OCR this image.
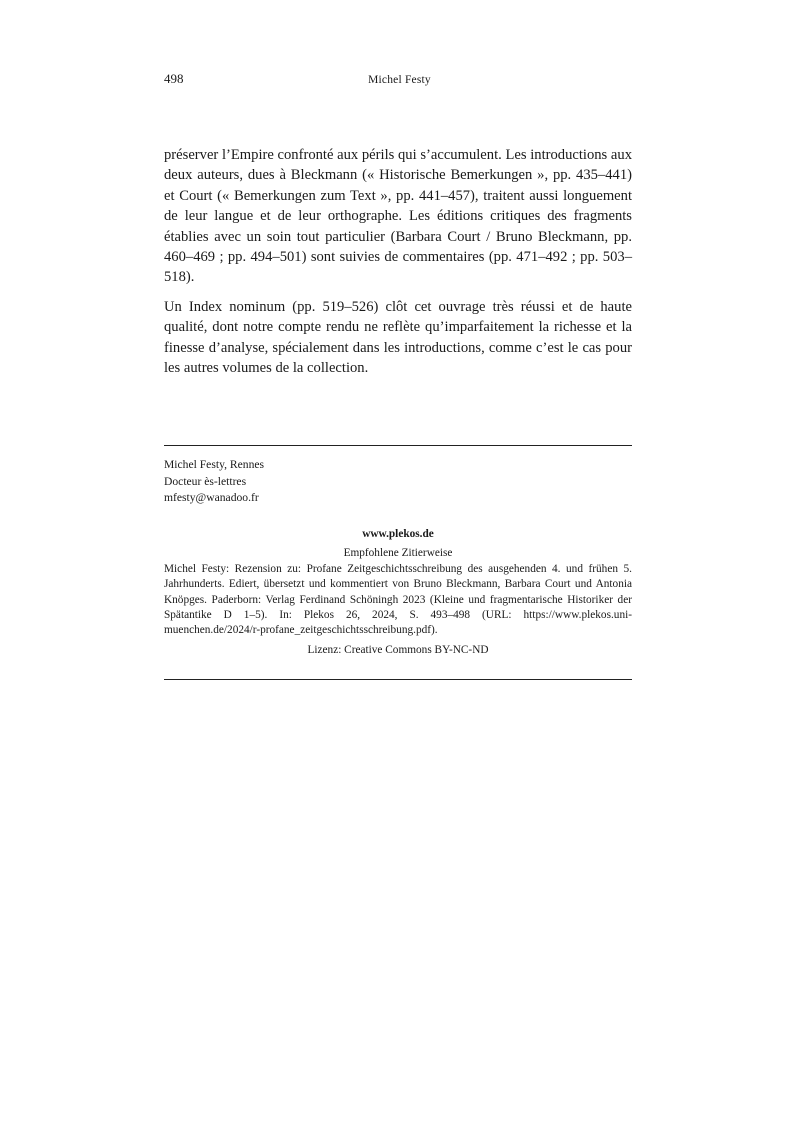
498	Michel Festy

préserver l’Empire confronté aux périls qui s’accumulent. Les introductions aux deux auteurs, dues à Bleckmann (« Historische Bemerkungen », pp. 435–441) et Court (« Bemerkungen zum Text », pp. 441–457), traitent aussi longuement de leur langue et de leur orthographe. Les éditions critiques des fragments établies avec un soin tout particulier (Barbara Court / Bruno Bleckmann, pp. 460–469 ; pp. 494–501) sont suivies de commentaires (pp. 471–492 ; pp. 503–518).

Un Index nominum (pp. 519–526) clôt cet ouvrage très réussi et de haute qualité, dont notre compte rendu ne reflète qu’imparfaitement la richesse et la finesse d’analyse, spécialement dans les introductions, comme c’est le cas pour les autres volumes de la collection.

Michel Festy, Rennes
Docteur ès-lettres
mfesty@wanadoo.fr
www.plekos.de
Empfohlene Zitierweise
Michel Festy: Rezension zu: Profane Zeitgeschichtsschreibung des ausgehenden 4. und frühen 5. Jahrhunderts. Ediert, übersetzt und kommentiert von Bruno Bleckmann, Barbara Court und Antonia Knöpges. Paderborn: Verlag Ferdinand Schöningh 2023 (Kleine und fragmentarische Historiker der Spätantike D 1–5). In: Plekos 26, 2024, S. 493–498 (URL: https://www.plekos.uni-muenchen.de/2024/r-profane_zeitgeschichtsschreibung.pdf).
Lizenz: Creative Commons BY-NC-ND
